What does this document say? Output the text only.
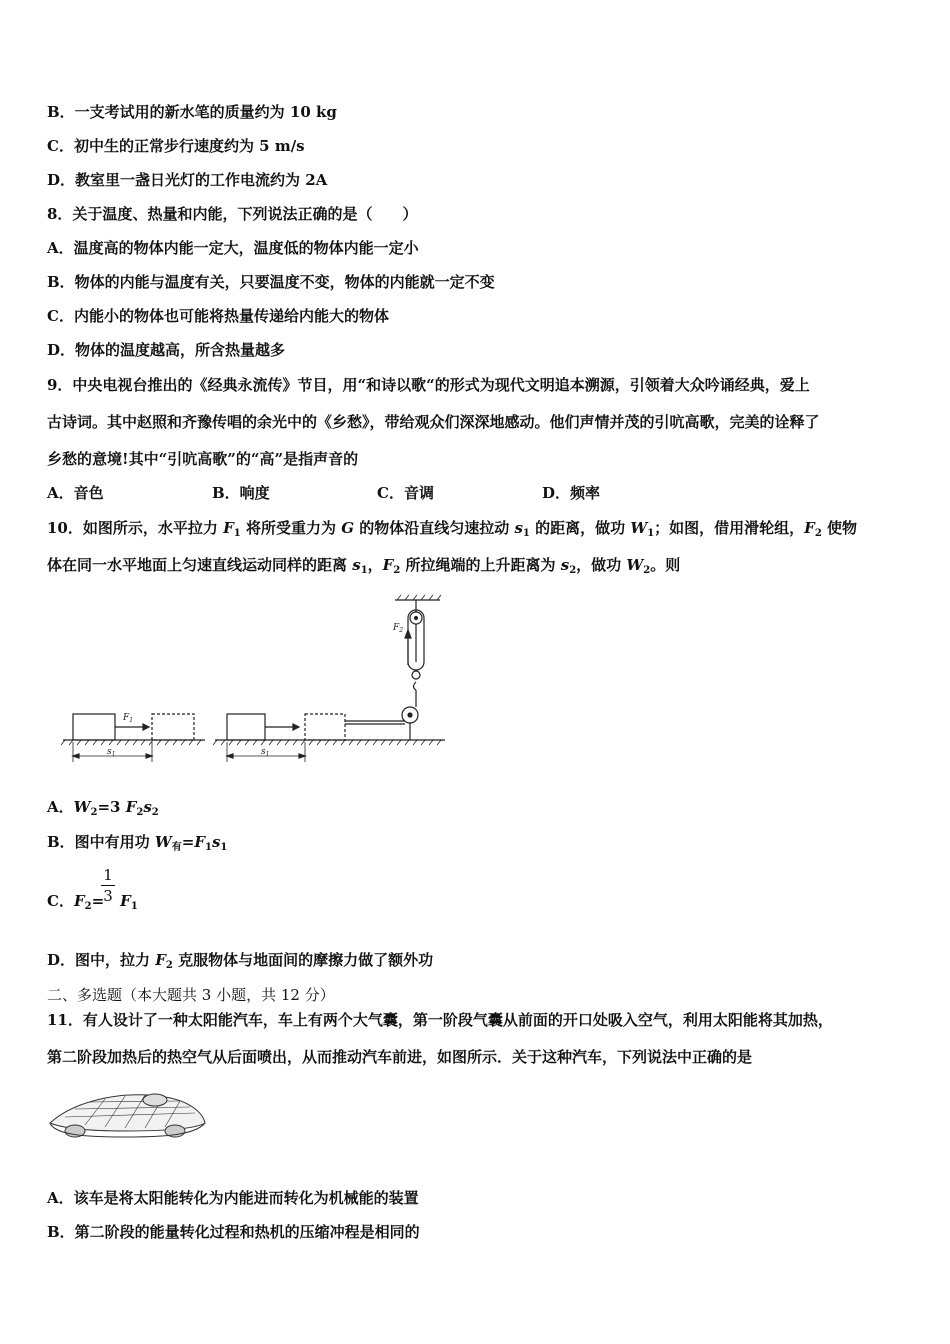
B．一支考试用的新水笔的质量约为 10 kg
C．初中生的正常步行速度约为 5 m/s
D．教室里一盏日光灯的工作电流约为 2A
8．关于温度、热量和内能，下列说法正确的是（　　）
A．温度高的物体内能一定大，温度低的物体内能一定小
B．物体的内能与温度有关，只要温度不变，物体的内能就一定不变
C．内能小的物体也可能将热量传递给内能大的物体
D．物体的温度越高，所含热量越多
9．中央电视台推出的《经典永流传》节目，用“和诗以歌“的形式为现代文明追本溯源，引领着大众吟诵经典，爱上
古诗词。其中赵照和齐豫传唱的余光中的《乡愁》，带给观众们深深地感动。他们声情并茂的引吭高歌，完美的诠释了
乡愁的意境!其中“引吭高歌”的“高”是指声音的
A．音色	B．响度	C．音调	D．频率
10．如图所示，水平拉力 $F_1$ 将所受重力为 G 的物体沿直线匀速拉动 $s_1$ 的距离，做功 $W_1$；如图，借用滑轮组，$F_2$ 使物
体在同一水平地面上匀速直线运动同样的距离 $s_1$，$F_2$ 所拉绳端的上升距离为 $s_2$，做功 $W_2$。则
$F_1$
$F_2$
$s_1$	$s_1$
A．$W_2=3$ $F_2s_2$
B．图中有用功 $W_有=F_1s_1$
C．$F_2= F_1$
1
3
D．图中，拉力 $F_2$ 克服物体与地面间的摩擦力做了额外功
二、多选题（本大题共 3 小题，共 12 分）
11．有人设计了一种太阳能汽车，车上有两个大气囊，第一阶段气囊从前面的开口处吸入空气，利用太阳能将其加热，
第二阶段加热后的热空气从后面喷出，从而推动汽车前进，如图所示．关于这种汽车，下列说法中正确的是
A．该车是将太阳能转化为内能进而转化为机械能的装置
B．第二阶段的能量转化过程和热机的压缩冲程是相同的
